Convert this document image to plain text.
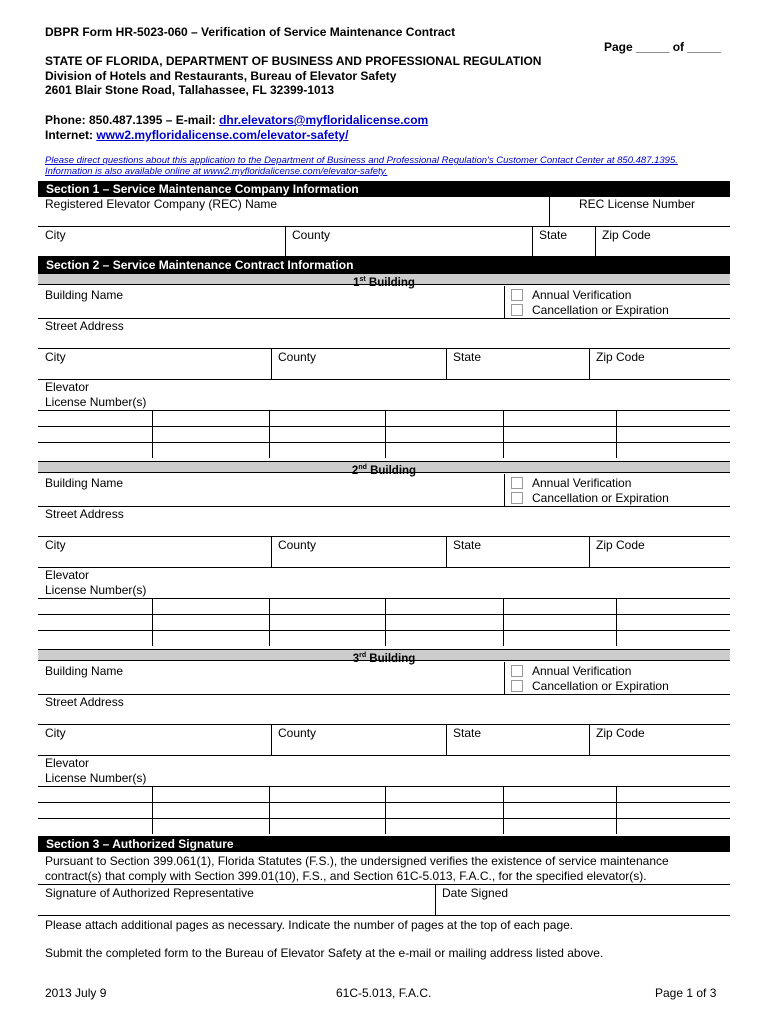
DBPR Form HR-5023-060 – Verification of Service Maintenance Contract
Page _____ of _____
STATE OF FLORIDA, DEPARTMENT OF BUSINESS AND PROFESSIONAL REGULATION
Division of Hotels and Restaurants, Bureau of Elevator Safety
2601 Blair Stone Road, Tallahassee, FL 32399-1013
Phone: 850.487.1395 – E-mail: dhr.elevators@myfloridalicense.com
Internet: www2.myfloridalicense.com/elevator-safety/
Please direct questions about this application to the Department of Business and Professional Regulation's Customer Contact Center at 850.487.1395.
Information is also available online at www2.myfloridalicense.com/elevator-safety.
Section 1 – Service Maintenance Company Information
Registered Elevator Company (REC) Name	REC License Number
City	County	State	Zip Code
Section 2 – Service Maintenance Contract Information
1st Building
Building Name	Annual Verification
Cancellation or Expiration
Street Address
City	County	State	Zip Code
Elevator
License Number(s)
2nd Building
Building Name	Annual Verification
Cancellation or Expiration
Street Address
City	County	State	Zip Code
Elevator
License Number(s)
3rd Building
Building Name	Annual Verification
Cancellation or Expiration
Street Address
City	County	State	Zip Code
Elevator
License Number(s)
Section 3 – Authorized Signature
Pursuant to Section 399.061(1), Florida Statutes (F.S.), the undersigned verifies the existence of service maintenance
contract(s) that comply with Section 399.01(10), F.S., and Section 61C-5.013, F.A.C., for the specified elevator(s).
Signature of Authorized Representative	Date Signed
Please attach additional pages as necessary. Indicate the number of pages at the top of each page.
Submit the completed form to the Bureau of Elevator Safety at the e-mail or mailing address listed above.
2013 July 9	61C-5.013, F.A.C.	Page 1 of 3
